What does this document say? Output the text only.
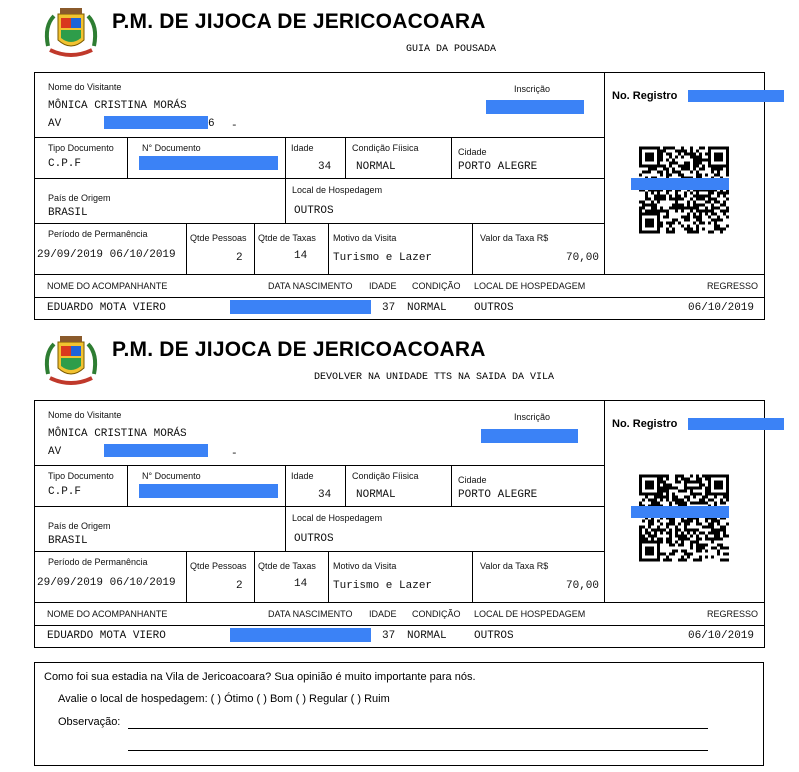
P.M. DE JIJOCA DE JERICOACOARA
GUIA DA POUSADA
Nome do Visitante
MÔNICA CRISTINA MORÁS
AV	6 -
Inscrição
No. Registro
Tipo Documento
C.P.F
N° Documento	Idade
34
Condição Fíisica
NORMAL
Cidade
PORTO ALEGRE
País de Origem
BRASIL
Local de Hospedagem
OUTROS
Período de Permanência
29/09/2019 06/10/2019
Qtde Pessoas
2
Qtde de Taxas
14
Motivo da Visita
Turismo e Lazer
Valor da Taxa R$
70,00
NOME DO ACOMPANHANTE	DATA NASCIMENTO IDADE CONDIÇÃO LOCAL DE HOSPEDAGEM	REGRESSO
EDUARDO MOTA VIERO	37 NORMAL OUTROS	06/10/2019
P.M. DE JIJOCA DE JERICOACOARA
DEVOLVER NA UNIDADE TTS NA SAIDA DA VILA
Nome do Visitante
MÔNICA CRISTINA MORÁS
AV	-
Inscrição
No. Registro
Tipo Documento
C.P.F
N° Documento	Idade
34
Condição Fíisica
NORMAL
Cidade
PORTO ALEGRE
País de Origem
BRASIL
Local de Hospedagem
OUTROS
Período de Permanência
29/09/2019 06/10/2019
Qtde Pessoas
2
Qtde de Taxas
14
Motivo da Visita
Turismo e Lazer
Valor da Taxa R$
70,00
NOME DO ACOMPANHANTE	DATA NASCIMENTO IDADE CONDIÇÃO LOCAL DE HOSPEDAGEM	REGRESSO
EDUARDO MOTA VIERO	37 NORMAL OUTROS	06/10/2019
Como foi sua estadia na Vila de Jericoacoara? Sua opinião é muito importante para nós.
Avalie o local de hospedagem: ( ) Ótimo ( ) Bom ( ) Regular ( ) Ruim
Observação:
